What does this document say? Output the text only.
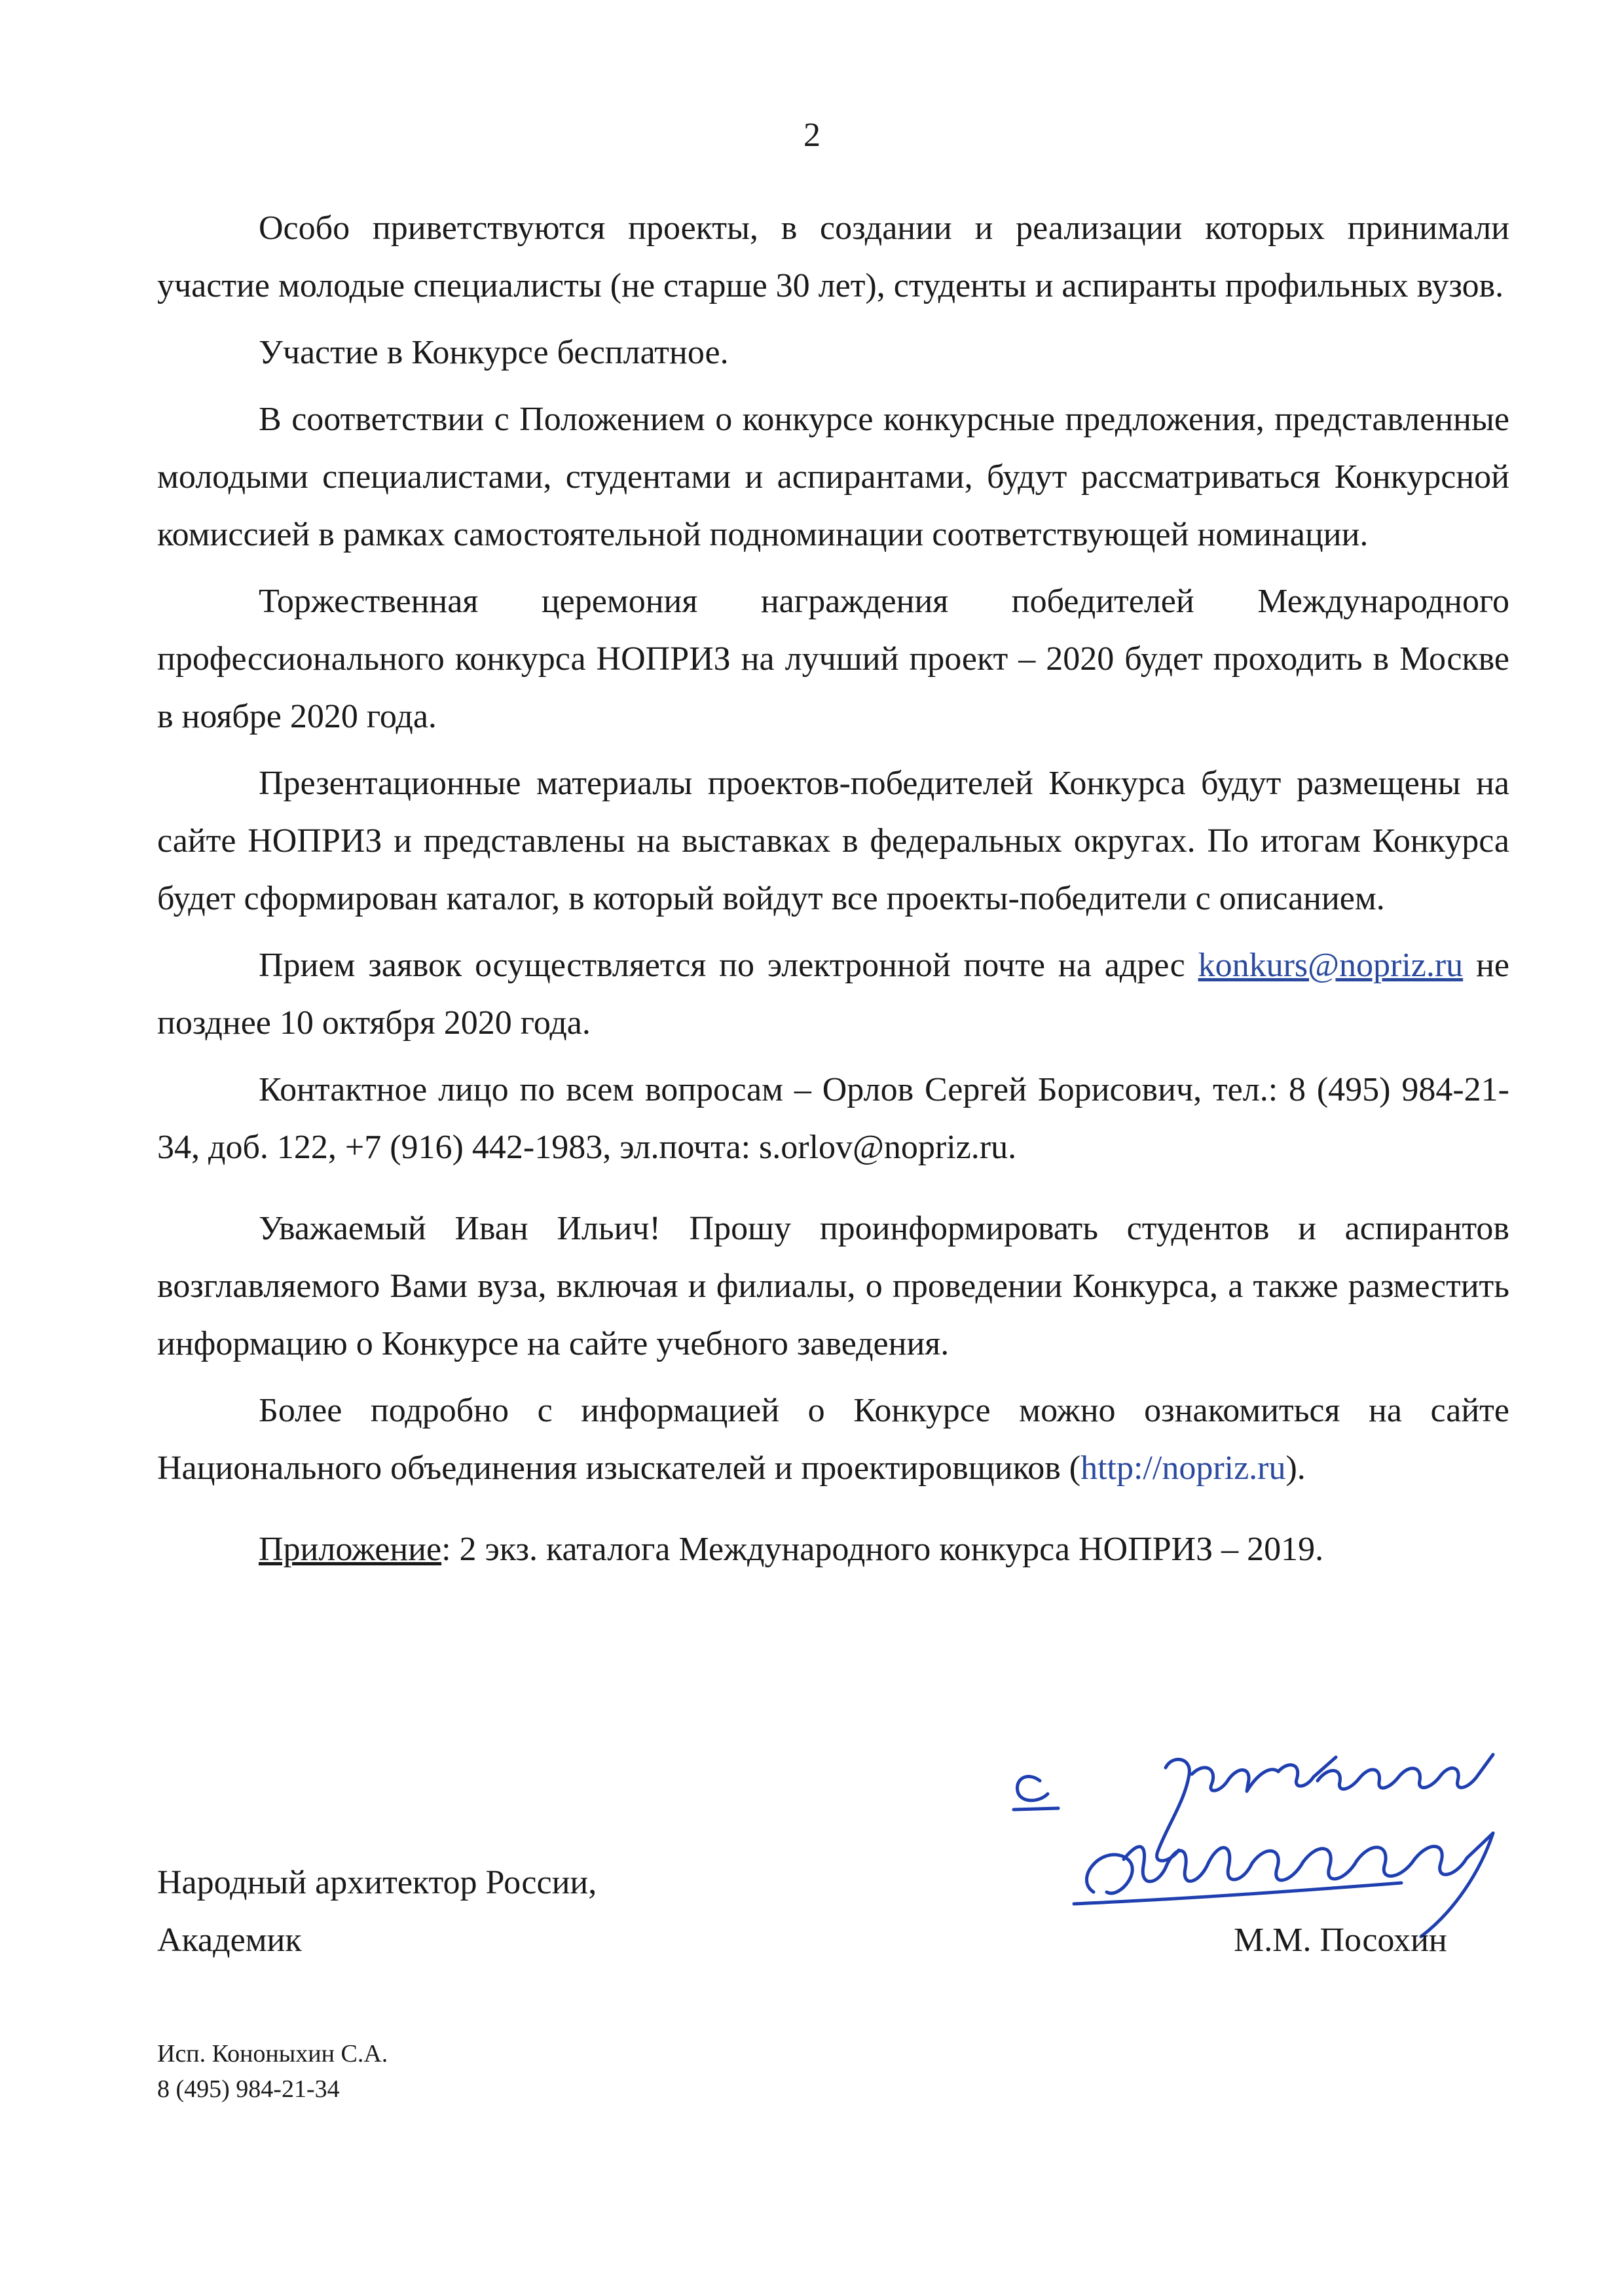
2

Особо приветствуются проекты, в создании и реализации которых принимали участие молодые специалисты (не старше 30 лет), студенты и аспиранты профильных вузов.

Участие в Конкурсе бесплатное.

В соответствии с Положением о конкурсе конкурсные предложения, представленные молодыми специалистами, студентами и аспирантами, будут рассматриваться Конкурсной комиссией в рамках самостоятельной подноминации соответствующей номинации.

Торжественная церемония награждения победителей Международного профессионального конкурса НОПРИЗ на лучший проект – 2020 будет проходить в Москве в ноябре 2020 года.

Презентационные материалы проектов-победителей Конкурса будут размещены на сайте НОПРИЗ и представлены на выставках в федеральных округах. По итогам Конкурса будет сформирован каталог, в который войдут все проекты-победители с описанием.

Прием заявок осуществляется по электронной почте на адрес konkurs@nopriz.ru не позднее 10 октября 2020 года.

Контактное лицо по всем вопросам – Орлов Сергей Борисович, тел.: 8 (495) 984-21-34, доб. 122, +7 (916) 442-1983, эл.почта: s.orlov@nopriz.ru.

Уважаемый Иван Ильич! Прошу проинформировать студентов и аспирантов возглавляемого Вами вуза, включая и филиалы, о проведении Конкурса, а также разместить информацию о Конкурсе на сайте учебного заведения.

Более подробно с информацией о Конкурсе можно ознакомиться на сайте Национального объединения изыскателей и проектировщиков (http://nopriz.ru).

Приложение: 2 экз. каталога Международного конкурса НОПРИЗ – 2019.

Народный архитектор России,
Академик	М.М. Посохин
Исп. Кононыхин С.А.
8 (495) 984-21-34
